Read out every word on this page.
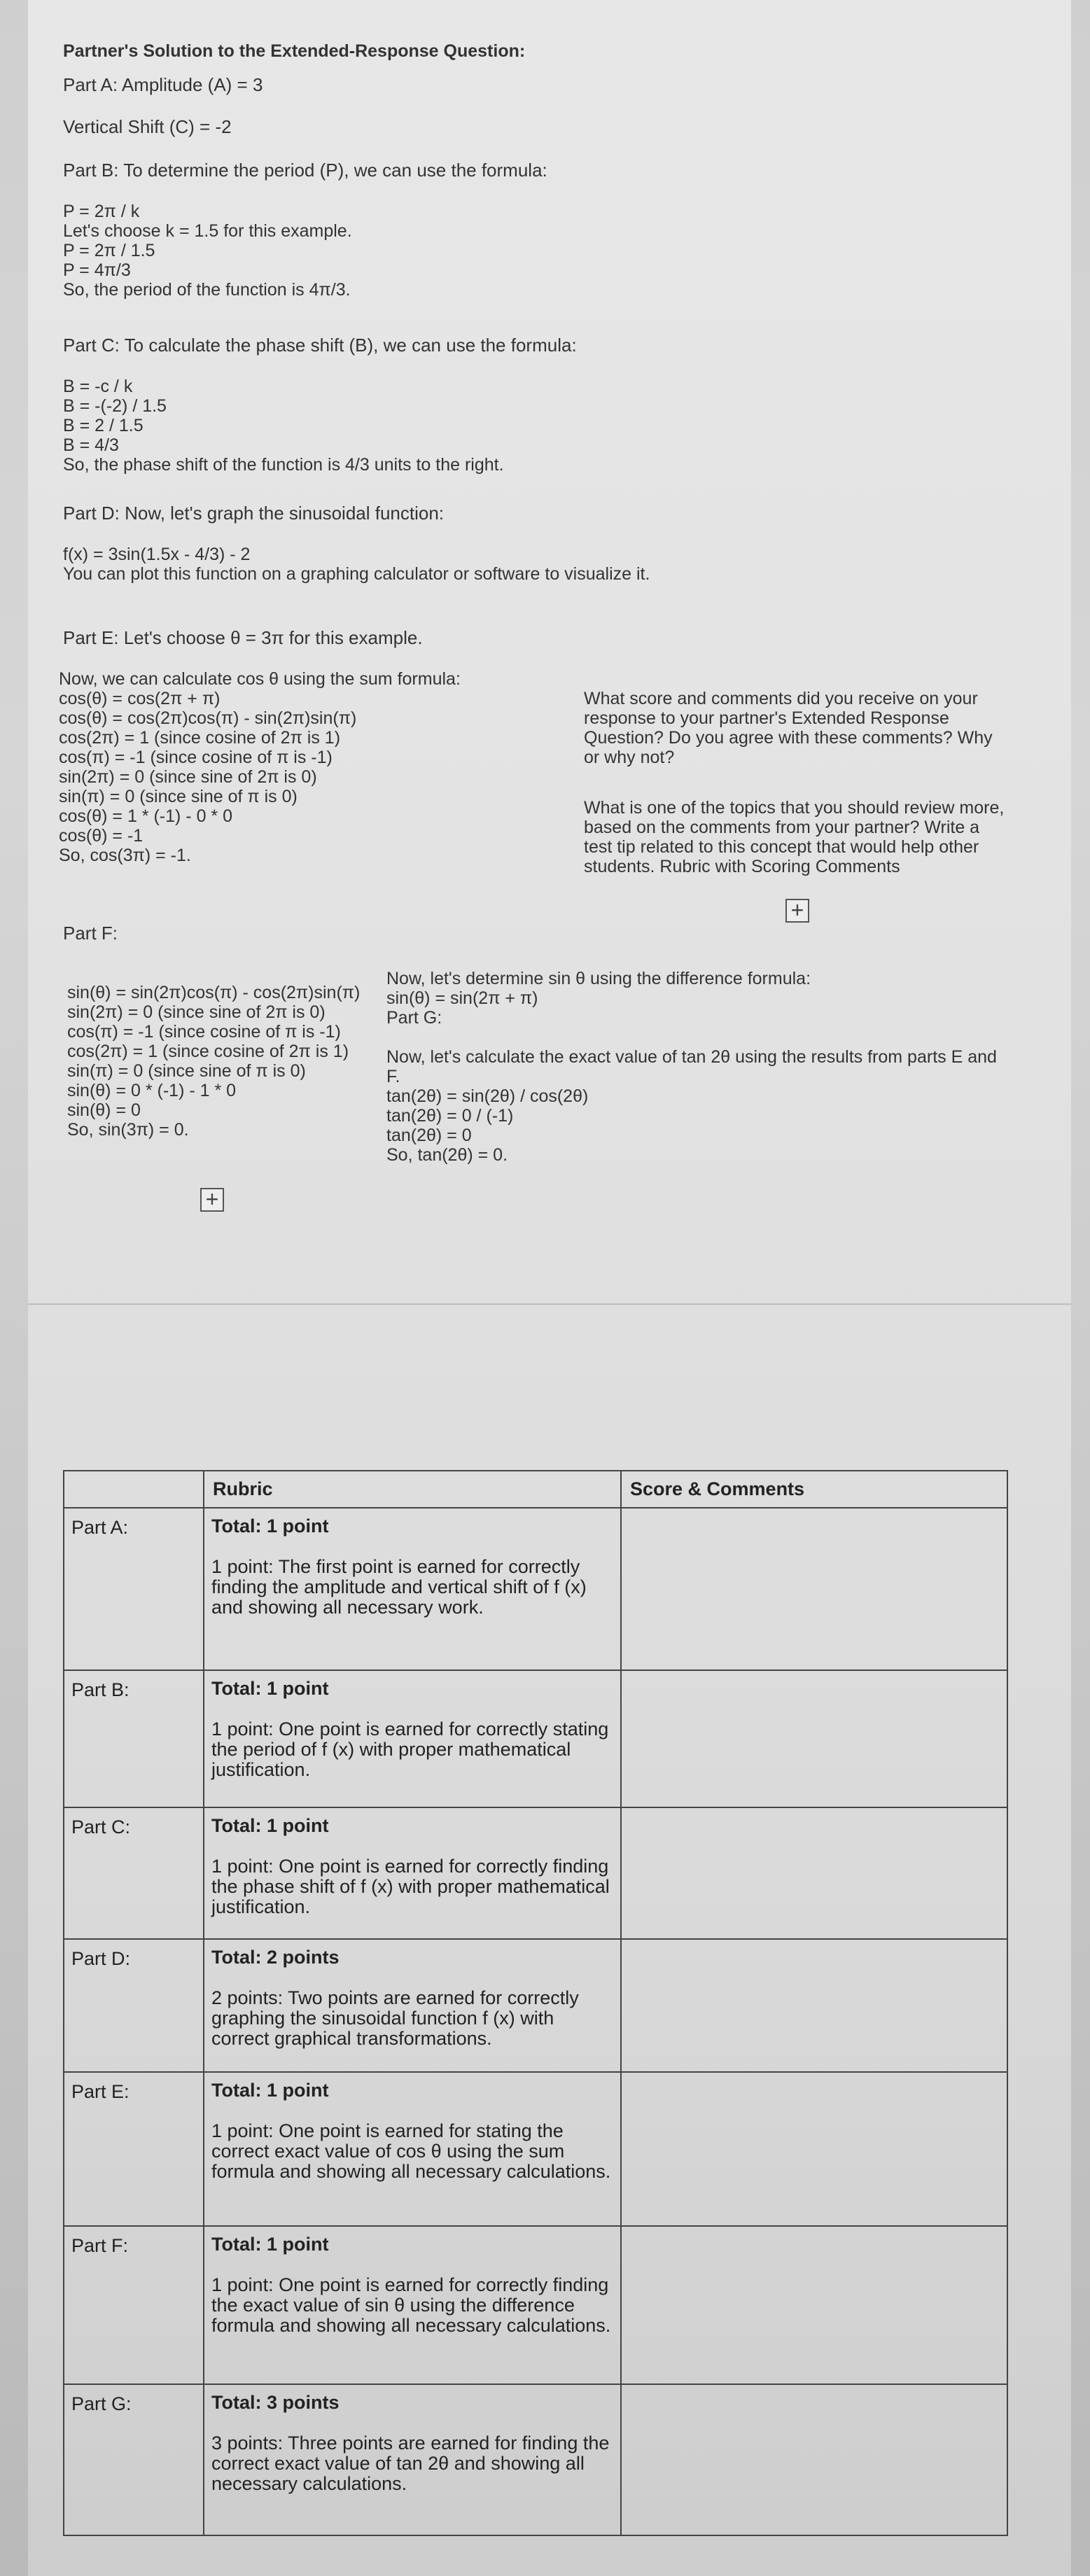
Partner's Solution to the Extended-Response Question:
Part A: Amplitude (A) = 3
Vertical Shift (C) = -2
Part B: To determine the period (P), we can use the formula:
P = 2π / k
Let's choose k = 1.5 for this example.
P = 2π / 1.5
P = 4π/3
So, the period of the function is 4π/3.
Part C: To calculate the phase shift (B), we can use the formula:
B = -c / k
B = -(-2) / 1.5
B = 2 / 1.5
B = 4/3
So, the phase shift of the function is 4/3 units to the right.
Part D: Now, let's graph the sinusoidal function:
f(x) = 3sin(1.5x - 4/3) - 2
You can plot this function on a graphing calculator or software to visualize it.
Part E: Let's choose θ = 3π for this example.
Now, we can calculate cos θ using the sum formula:
cos(θ) = cos(2π + π)
cos(θ) = cos(2π)cos(π) - sin(2π)sin(π)
cos(2π) = 1 (since cosine of 2π is 1)
cos(π) = -1 (since cosine of π is -1)
sin(2π) = 0 (since sine of 2π is 0)
sin(π) = 0 (since sine of π is 0)
cos(θ) = 1 * (-1) - 0 * 0
cos(θ) = -1
So, cos(3π) = -1.
What score and comments did you receive on your
response to your partner's Extended Response
Question? Do you agree with these comments? Why
or why not?
What is one of the topics that you should review more,
based on the comments from your partner? Write a
test tip related to this concept that would help other
students. Rubric with Scoring Comments
+
Part F:
sin(θ) = sin(2π)cos(π) - cos(2π)sin(π)
sin(2π) = 0 (since sine of 2π is 0)
cos(π) = -1 (since cosine of π is -1)
cos(2π) = 1 (since cosine of 2π is 1)
sin(π) = 0 (since sine of π is 0)
sin(θ) = 0 * (-1) - 1 * 0
sin(θ) = 0
So, sin(3π) = 0.
Now, let's determine sin θ using the difference formula:
sin(θ) = sin(2π + π)
Part G:
Now, let's calculate the exact value of tan 2θ using the results from parts E and
F.
tan(2θ) = sin(2θ) / cos(2θ)
tan(2θ) = 0 / (-1)
tan(2θ) = 0
So, tan(2θ) = 0.
+
	Rubric	Score & Comments
Part A:	Total: 1 point
1 point: The first point is earned for correctly finding the amplitude and vertical shift of f (x) and showing all necessary work.	

Part B:	Total: 1 point
1 point: One point is earned for correctly stating the period of f (x) with proper mathematical justification.	

Part C:	Total: 1 point
1 point: One point is earned for correctly finding the phase shift of f (x) with proper mathematical justification.	

Part D:	Total: 2 points
2 points: Two points are earned for correctly graphing the sinusoidal function f (x) with correct graphical transformations.	

Part E:	Total: 1 point
1 point: One point is earned for stating the correct exact value of cos θ using the sum formula and showing all necessary calculations.	

Part F:	Total: 1 point
1 point: One point is earned for correctly finding the exact value of sin θ using the difference formula and showing all necessary calculations.	

Part G:	Total: 3 points
3 points: Three points are earned for finding the correct exact value of tan 2θ and showing all necessary calculations.	
